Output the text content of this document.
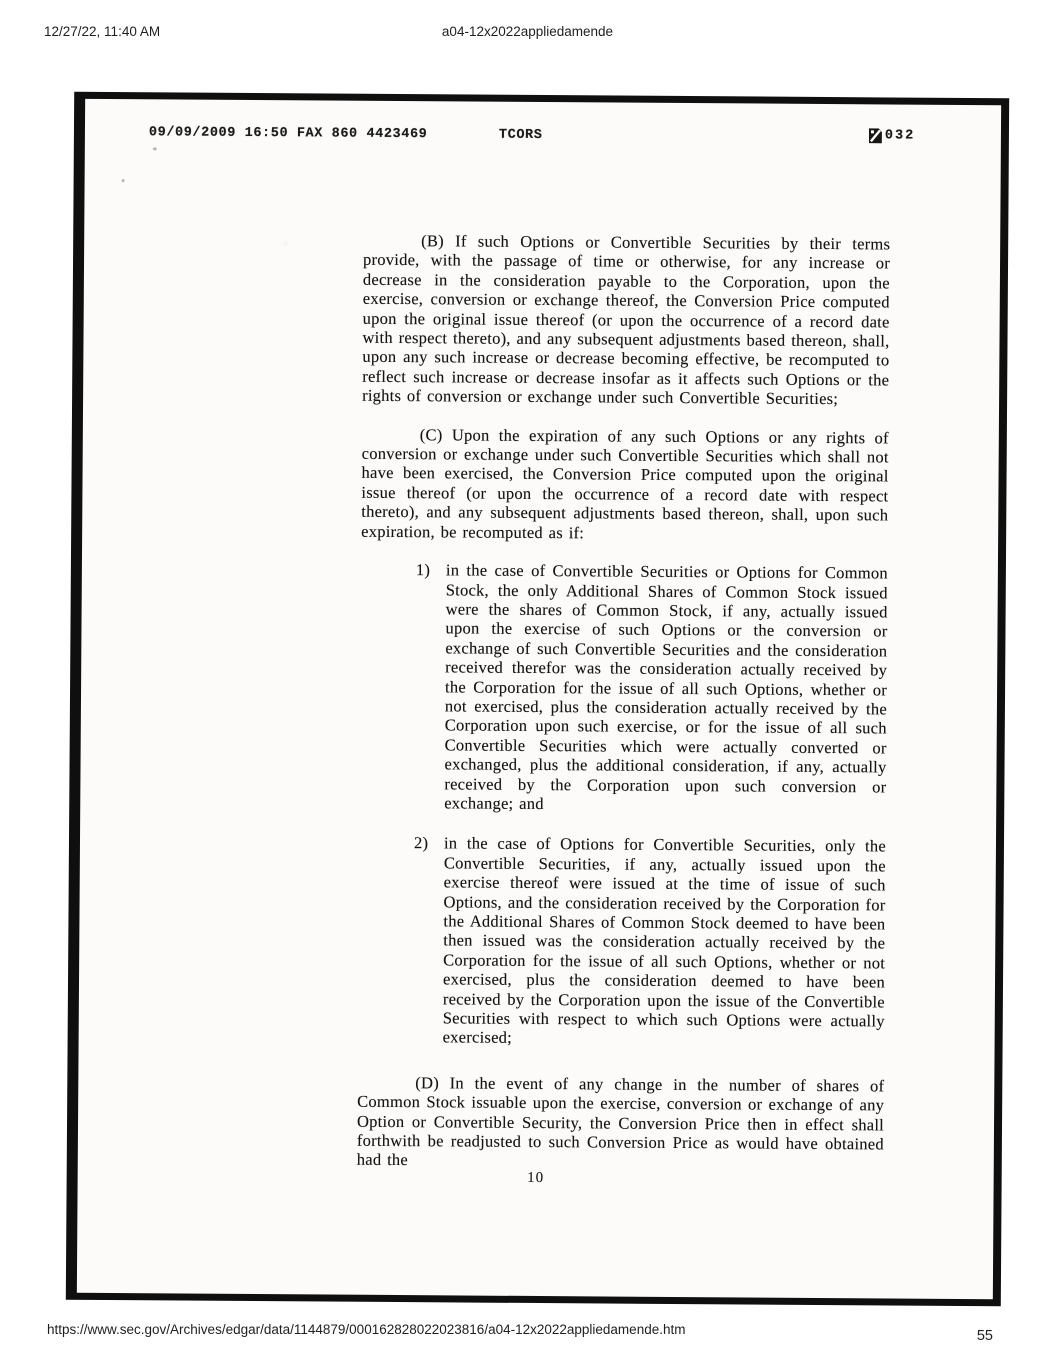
12/27/22, 11:40 AM	a04-12x2022appliedamende
09/09/2009 16:50 FAX 860 4423469	TCORS	032

(B) If such Options or Convertible Securities by their terms provide, with the passage of time or otherwise, for any increase or decrease in the consideration payable to the Corporation, upon the exercise, conversion or exchange thereof, the Conversion Price computed upon the original issue thereof (or upon the occurrence of a record date with respect thereto), and any subsequent adjustments based thereon, shall, upon any such increase or decrease becoming effective, be recomputed to reflect such increase or decrease insofar as it affects such Options or the rights of conversion or exchange under such Convertible Securities;

(C) Upon the expiration of any such Options or any rights of conversion or exchange under such Convertible Securities which shall not have been exercised, the Conversion Price computed upon the original issue thereof (or upon the occurrence of a record date with respect thereto), and any subsequent adjustments based thereon, shall, upon such expiration, be recomputed as if:

1) in the case of Convertible Securities or Options for Common Stock, the only Additional Shares of Common Stock issued were the shares of Common Stock, if any, actually issued upon the exercise of such Options or the conversion or exchange of such Convertible Securities and the consideration received therefor was the consideration actually received by the Corporation for the issue of all such Options, whether or not exercised, plus the consideration actually received by the Corporation upon such exercise, or for the issue of all such Convertible Securities which were actually converted or exchanged, plus the additional consideration, if any, actually received by the Corporation upon such conversion or exchange; and
2) in the case of Options for Convertible Securities, only the Convertible Securities, if any, actually issued upon the exercise thereof were issued at the time of issue of such Options, and the consideration received by the Corporation for the Additional Shares of Common Stock deemed to have been then issued was the consideration actually received by the Corporation for the issue of all such Options, whether or not exercised, plus the consideration deemed to have been received by the Corporation upon the issue of the Convertible Securities with respect to which such Options were actually exercised;

(D) In the event of any change in the number of shares of Common Stock issuable upon the exercise, conversion or exchange of any Option or Convertible Security, the Conversion Price then in effect shall forthwith be readjusted to such Conversion Price as would have obtained had the

10
https://www.sec.gov/Archives/edgar/data/1144879/000162828022023816/a04-12x2022appliedamende.htm	55
